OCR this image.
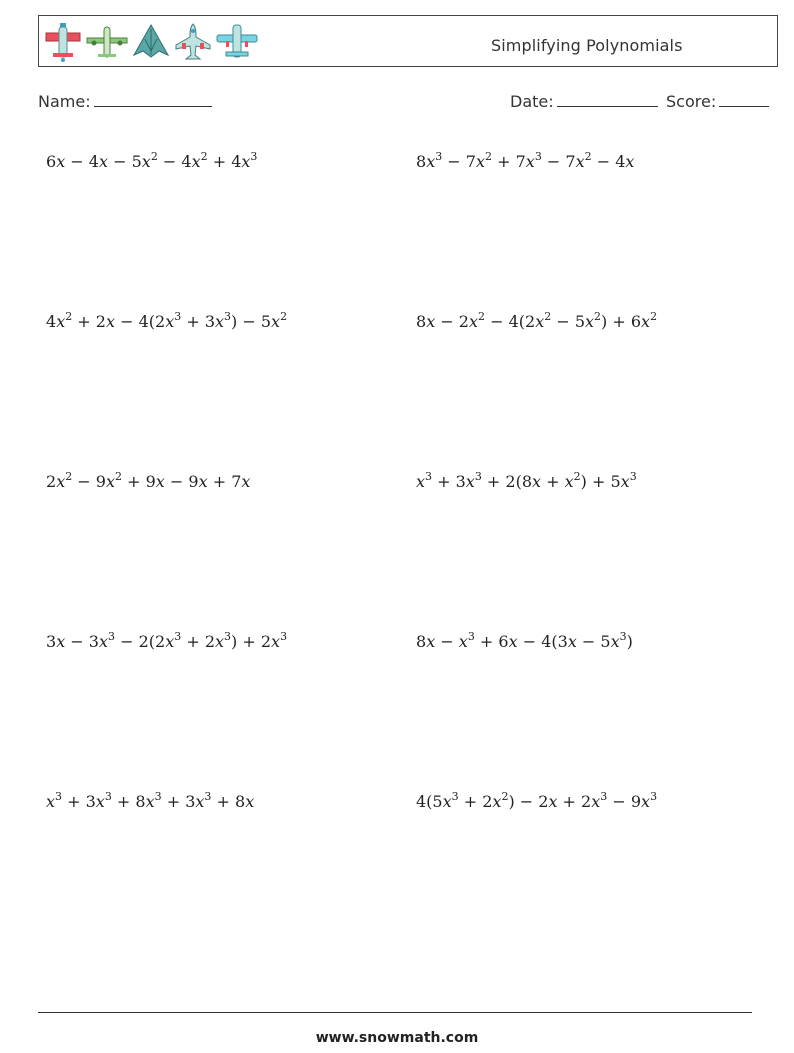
Simplifying Polynomials
Name:	Date:	Score:
$6x - 4x - 5x^2 - 4x^2 + 4x^3$	$8x^3 - 7x^2 + 7x^3 - 7x^2 - 4x$
$4x^2 + 2x - 4(2x^3 + 3x^3) - 5x^2$	$8x - 2x^2 - 4(2x^2 - 5x^2) + 6x^2$
$2x^2 - 9x^2 + 9x - 9x + 7x$	$x^3 + 3x^3 + 2(8x + x^2) + 5x^3$
$3x - 3x^3 - 2(2x^3 + 2x^3) + 2x^3$	$8x - x^3 + 6x - 4(3x - 5x^3)$
$x^3 + 3x^3 + 8x^3 + 3x^3 + 8x$	$4(5x^3 + 2x^2) - 2x + 2x^3 - 9x^3$
www.snowmath.com
